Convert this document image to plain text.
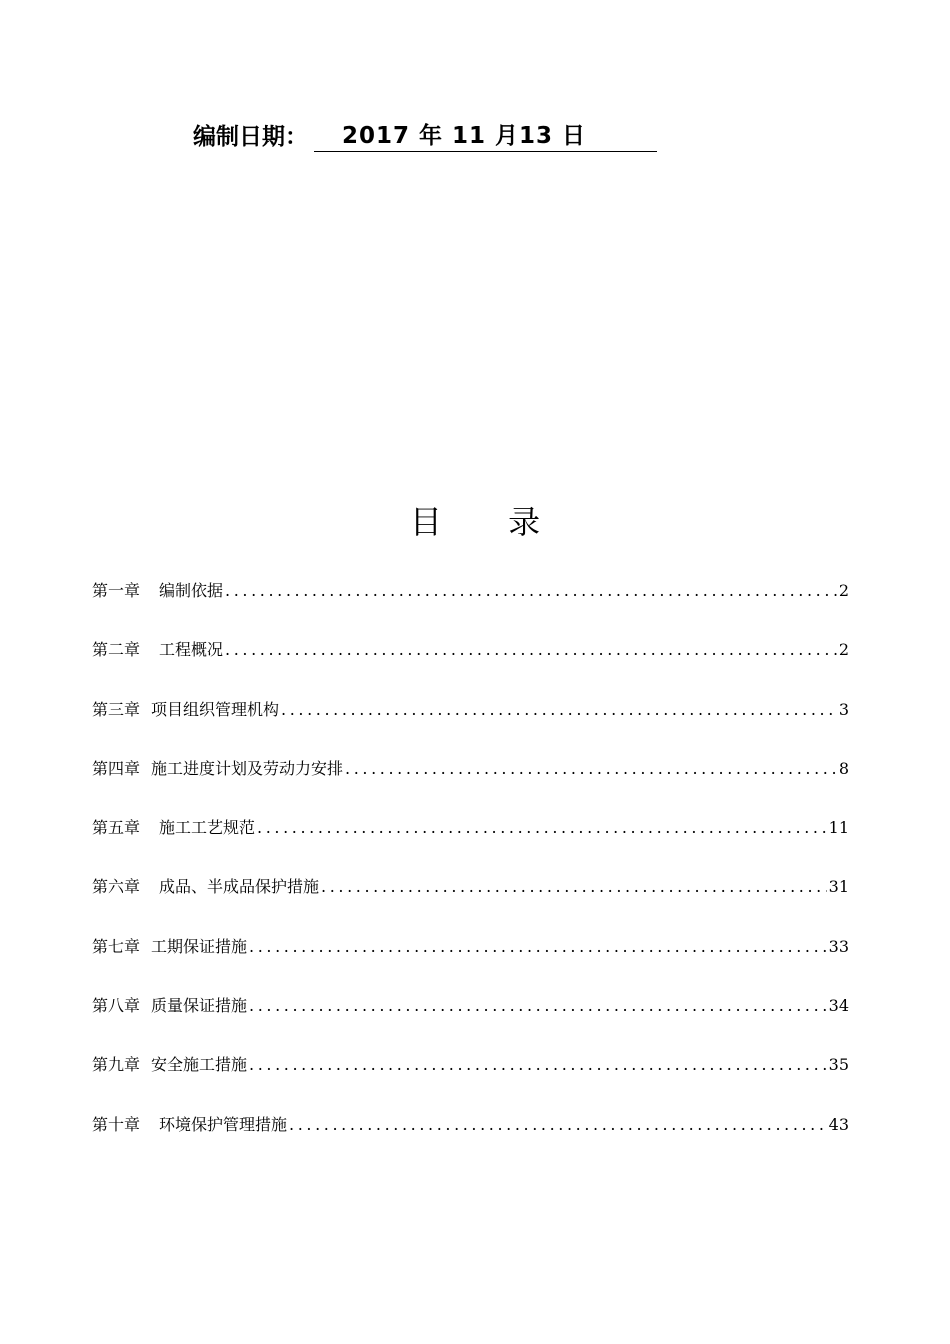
编制日期：	2017 年 11 月13 日
目 录
第一章 编制依据 .....	2
第二章 工程概况 .....	2
第三章 项目组织管理机构 .....	3
第四章 施工进度计划及劳动力安排 .....	8
第五章 施工工艺规范 .....	11
第六章 成品、半成品保护措施 .....	31
第七章 工期保证措施 .....	33
第八章 质量保证措施 .....	34
第九章 安全施工措施 .....	35
第十章 环境保护管理措施 .....	43
